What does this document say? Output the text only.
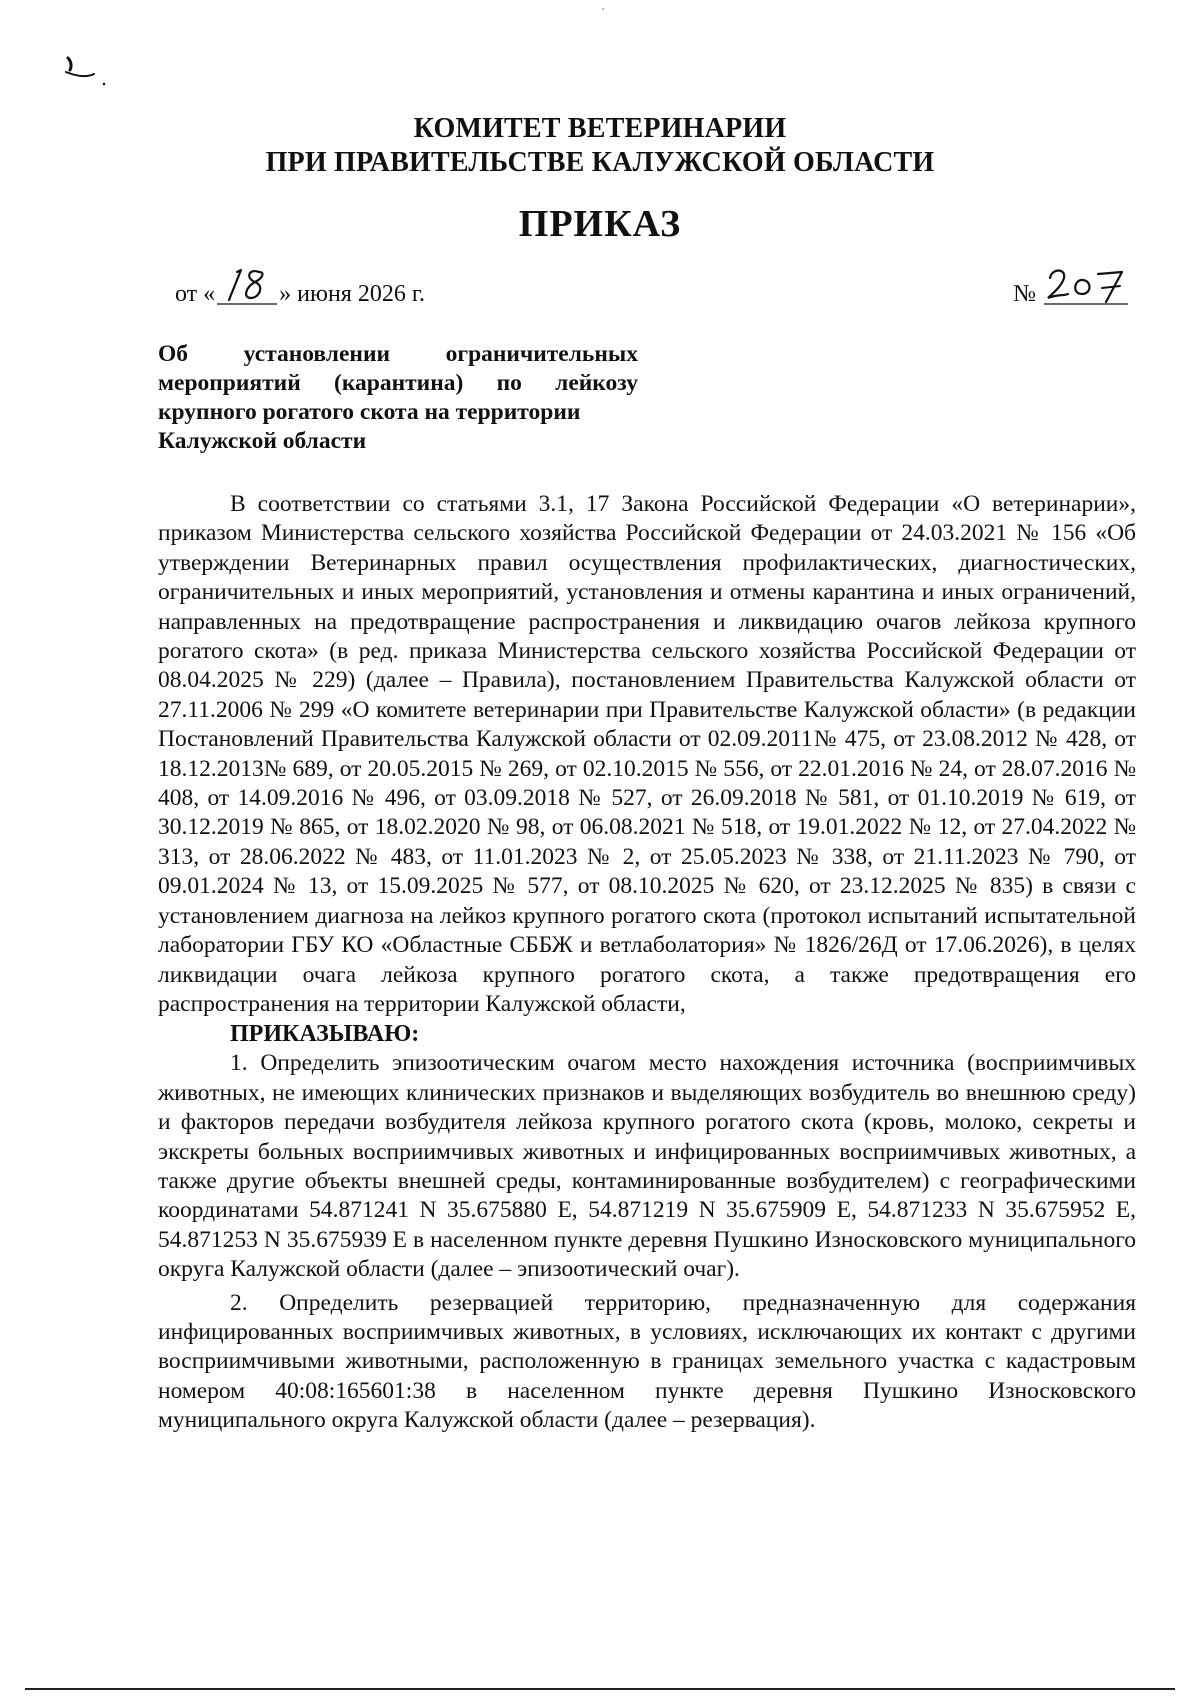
КОМИТЕТ ВЕТЕРИНАРИИ

ПРИ ПРАВИТЕЛЬСТВЕ КАЛУЖСКОЙ ОБЛАСТИ

ПРИКАЗ

от «	» июня 2026 г.	№
Об установлении ограничительных
мероприятий (карантина) по лейкозу
крупного рогатого скота на территории
Калужской области

В соответствии со статьями 3.1, 17 Закона Российской Федерации «О ветеринарии», приказом Министерства сельского хозяйства Российской Федерации от 24.03.2021 № 156 «Об утверждении Ветеринарных правил осуществления профилактических, диагностических, ограничительных и иных мероприятий, установления и отмены карантина и иных ограничений, направленных на предотвращение распространения и ликвидацию очагов лейкоза крупного рогатого скота» (в ред. приказа Министерства сельского хозяйства Российской Федерации от 08.04.2025 № 229) (далее – Правила), постановлением Правительства Калужской области от 27.11.2006 № 299 «О комитете ветеринарии при Правительстве Калужской области» (в редакции Постановлений Правительства Калужской области от 02.09.2011№ 475, от 23.08.2012 № 428, от 18.12.2013№ 689, от 20.05.2015 № 269, от 02.10.2015 № 556, от 22.01.2016 № 24, от 28.07.2016 № 408, от 14.09.2016 № 496, от 03.09.2018 № 527, от 26.09.2018 № 581, от 01.10.2019 № 619, от 30.12.2019 № 865, от 18.02.2020 № 98, от 06.08.2021 № 518, от 19.01.2022 № 12, от 27.04.2022 № 313, от 28.06.2022 № 483, от 11.01.2023 № 2, от 25.05.2023 № 338, от 21.11.2023 № 790, от 09.01.2024 № 13, от 15.09.2025 № 577, от 08.10.2025 № 620, от 23.12.2025 № 835) в связи с установлением диагноза на лейкоз крупного рогатого скота (протокол испытаний испытательной лаборатории ГБУ КО «Областные СББЖ и ветлаболатория» № 1826/26Д от 17.06.2026), в целях ликвидации очага лейкоза крупного рогатого скота, а также предотвращения его распространения на территории Калужской области,

ПРИКАЗЫВАЮ:

1. Определить эпизоотическим очагом место нахождения источника (восприимчивых животных, не имеющих клинических признаков и выделяющих возбудитель во внешнюю среду) и факторов передачи возбудителя лейкоза крупного рогатого скота (кровь, молоко, секреты и экскреты больных восприимчивых животных и инфицированных восприимчивых животных, а также другие объекты внешней среды, контаминированные возбудителем) с географическими координатами 54.871241 N 35.675880 E, 54.871219 N 35.675909 E, 54.871233 N 35.675952 E, 54.871253 N 35.675939 E в населенном пункте деревня Пушкино Износковского муниципального округа Калужской области (далее – эпизоотический очаг).

2. Определить резервацией территорию, предназначенную для содержания инфицированных восприимчивых животных, в условиях, исключающих их контакт с другими восприимчивыми животными, расположенную в границах земельного участка с кадастровым номером 40:08:165601:38 в населенном пункте деревня Пушкино Износковского муниципального округа Калужской области (далее – резервация).
